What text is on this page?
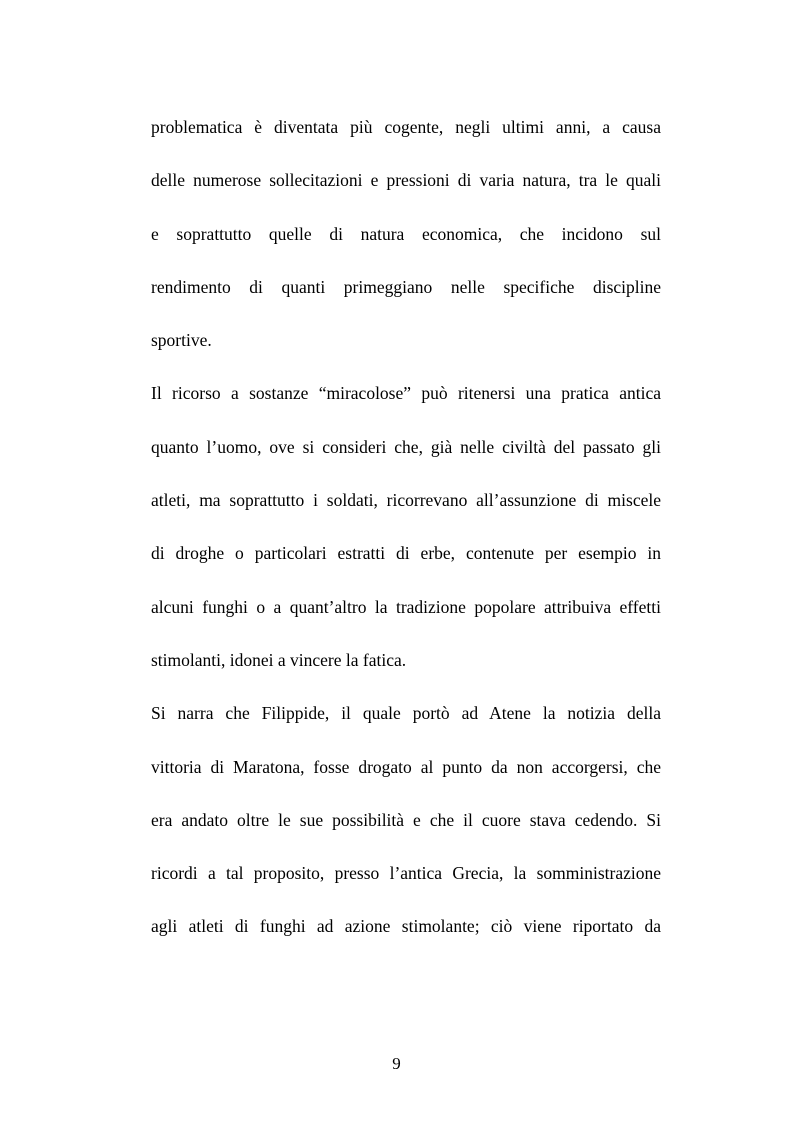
problematica è diventata più cogente, negli ultimi anni, a causa
delle numerose sollecitazioni e pressioni di varia natura, tra le quali
e soprattutto quelle di natura economica, che incidono sul
rendimento di quanti primeggiano nelle specifiche discipline
sportive.
Il ricorso a sostanze “miracolose” può ritenersi una pratica antica
quanto l’uomo, ove si consideri che, già nelle civiltà del passato gli
atleti, ma soprattutto i soldati, ricorrevano all’assunzione di miscele
di droghe o particolari estratti di erbe, contenute per esempio in
alcuni funghi o a quant’altro la tradizione popolare attribuiva effetti
stimolanti, idonei a vincere la fatica.
Si narra che Filippide, il quale portò ad Atene la notizia della
vittoria di Maratona, fosse drogato al punto da non accorgersi, che
era andato oltre le sue possibilità e che il cuore stava cedendo. Si
ricordi a tal proposito, presso l’antica Grecia, la somministrazione
agli atleti di funghi ad azione stimolante; ciò viene riportato da
9
